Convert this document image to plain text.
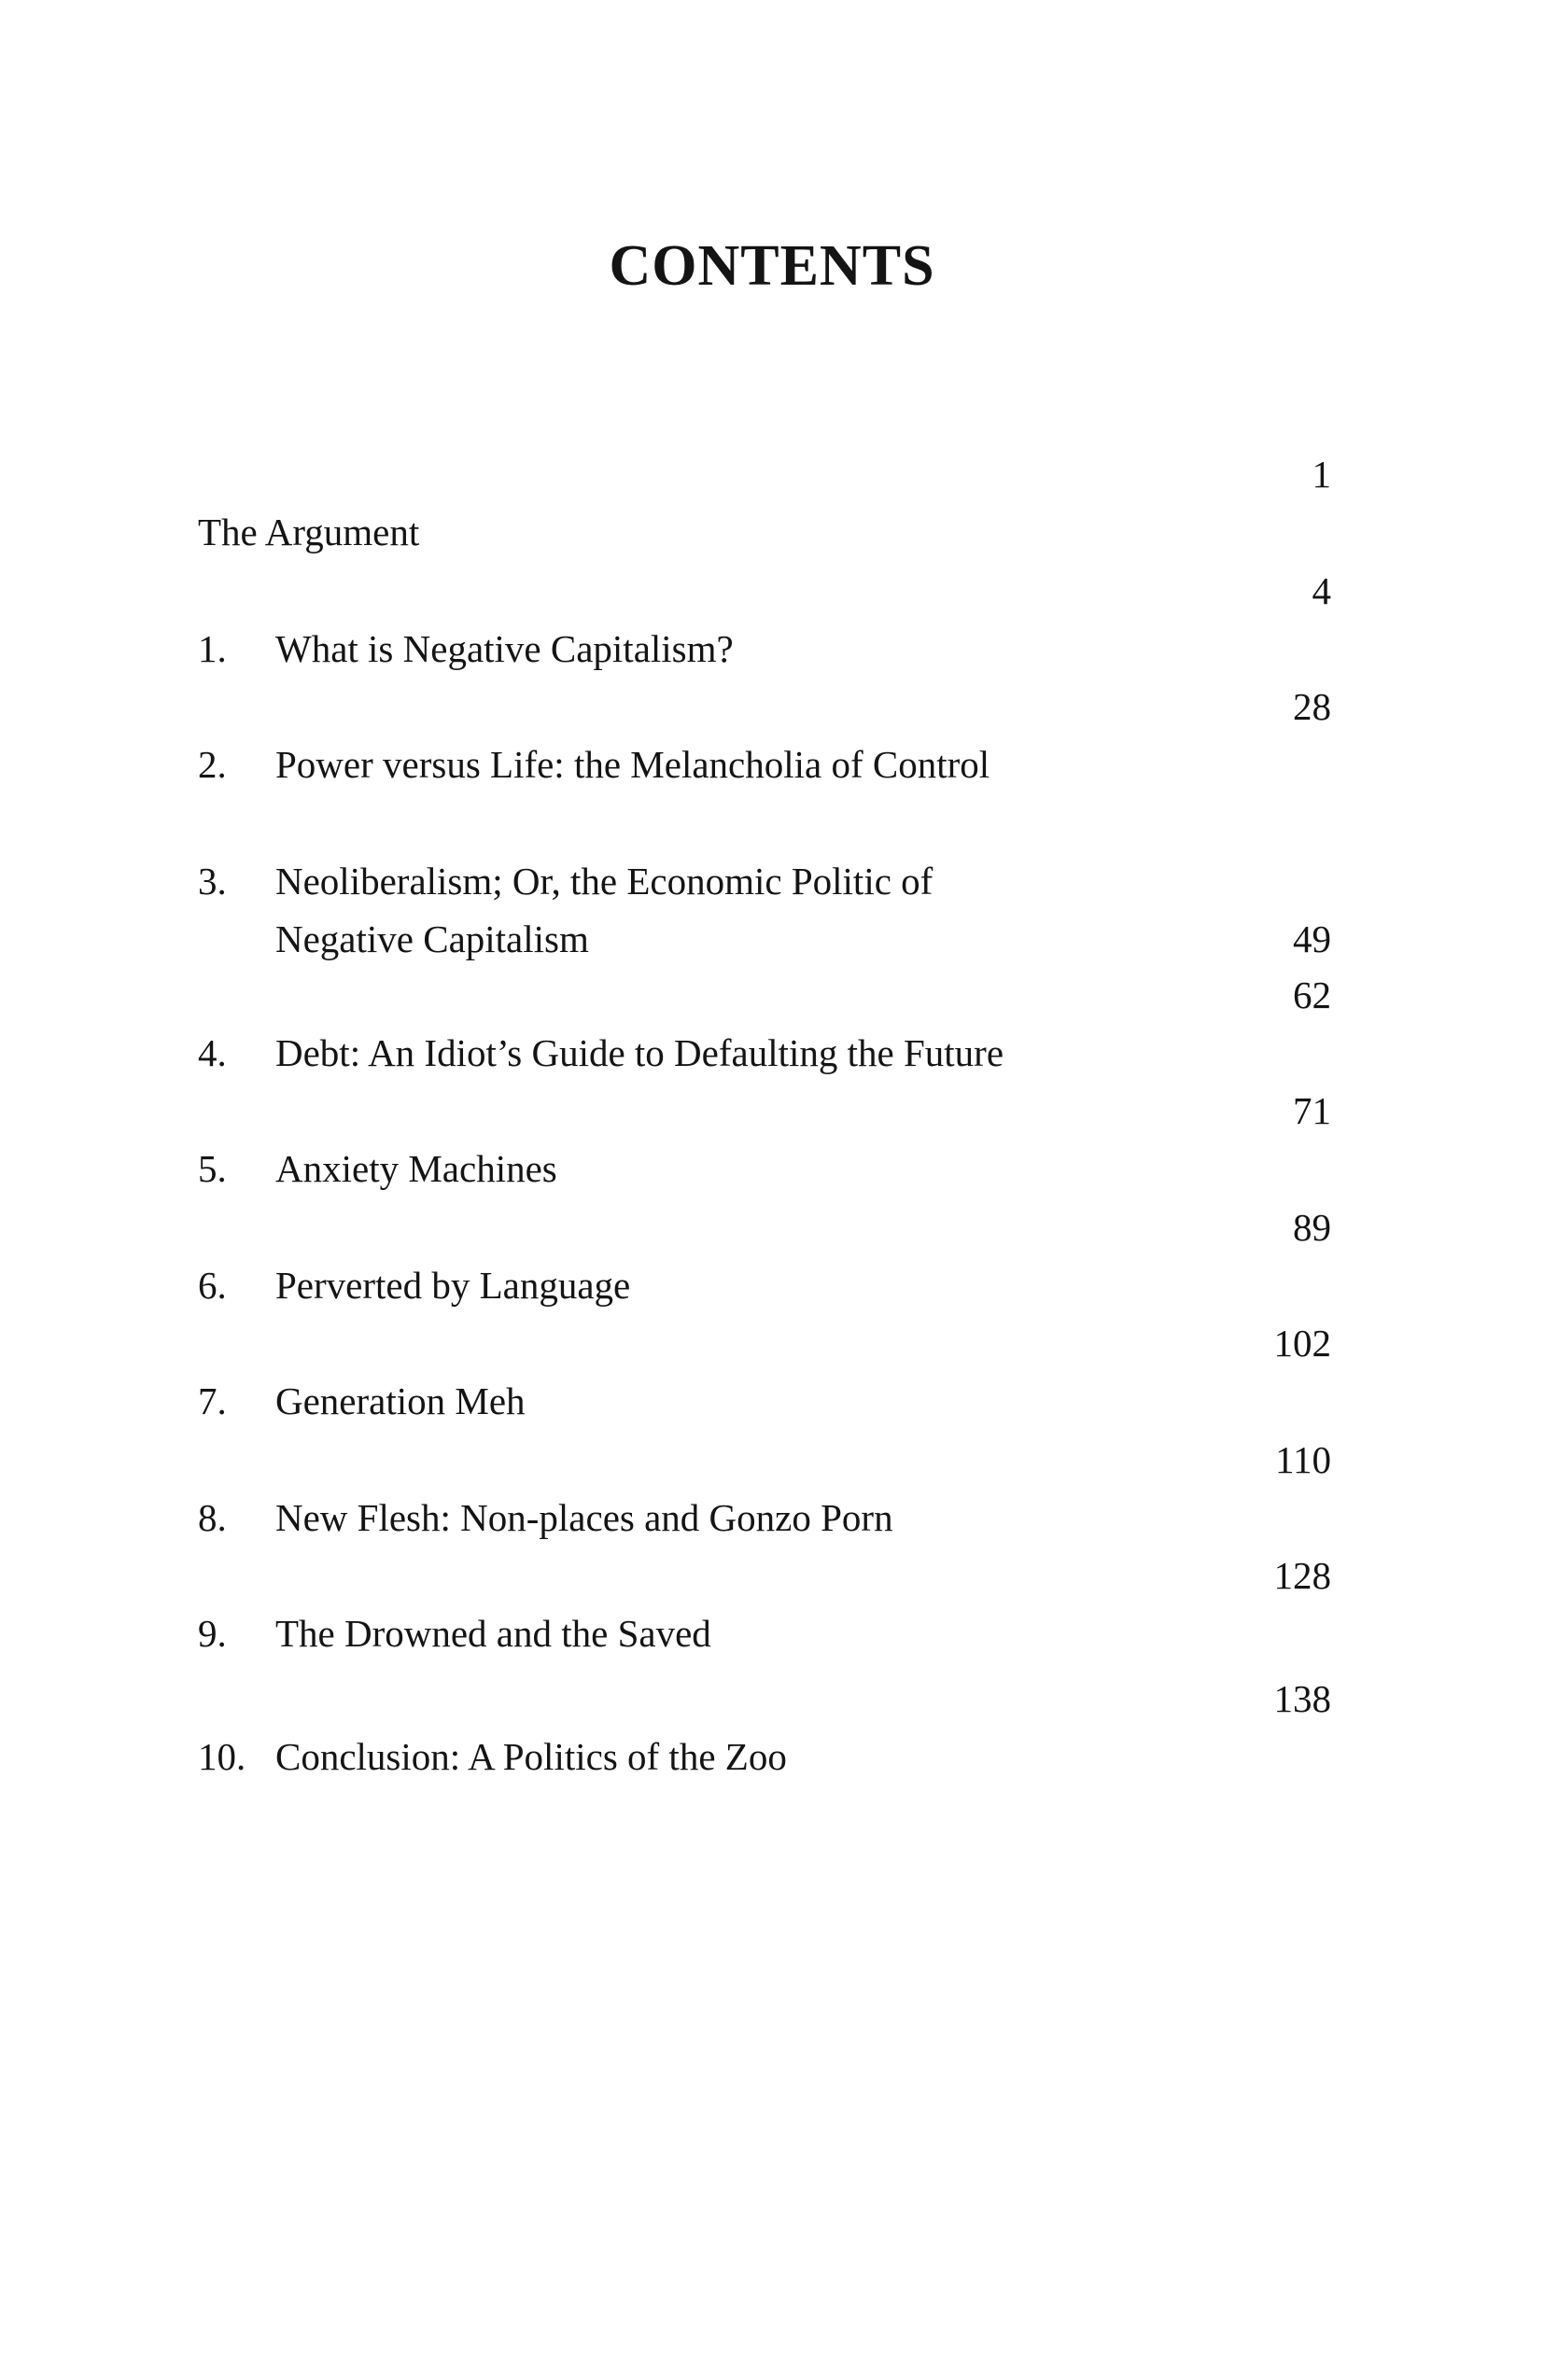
CONTENTS
The Argument
1
1. What is Negative Capitalism?
4
2. Power versus Life: the Melancholia of Control
28
3. Neoliberalism; Or, the Economic Politic of
Negative Capitalism	49
4. Debt: An Idiot’s Guide to Defaulting the Future
62
5. Anxiety Machines
71
6. Perverted by Language
89
7. Generation Meh
102
8. New Flesh: Non-places and Gonzo Porn
110
9. The Drowned and the Saved
128
10. Conclusion: A Politics of the Zoo
138
